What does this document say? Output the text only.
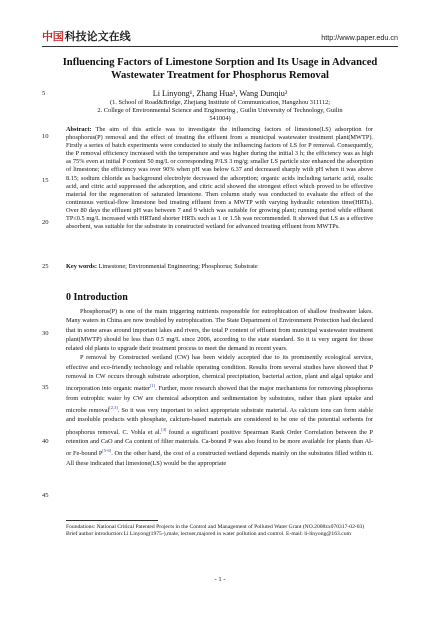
中国 科技论文在线	http://www.paper.edu.cn
Influencing Factors of Limestone Sorption and Its Usage in Advanced Wastewater Treatment for Phosphorus Removal
Li Linyong¹, Zhang Hua², Wang Dunqiu²
(1. School of Road&Bridge, Zhejiang Institute of Communication, Hangzhou 311112;
2. College of Environmental Science and Engineering , Guilin University of Technology, Guilin
541004)
5
10
15
20
25
30
35
40
45
Abstract: The aim of this article was to investigate the influencing factors of limestone(LS) adsorption for phosphorus(P) removal and the effect of treating the effluent from a municipal wastewater treatment plant(MWTP). Firstly a series of batch experiments were conducted to study the influencing factors of LS for P removal. Consequently, the P removal efficiency increased with the temperature and was higher during the initial 3 h; the efficiency was as high as 75% even at initial P content 50 mg/L or corresponding P/LS 3 mg/g; smaller LS particle size enhanced the adsorption of limestone; the efficiency was over 90% when pH was below 6.37 and decreased sharply with pH when it was above 8.15; sodium chloride as background electrolyte decreased the adsorption; organic acids including tartaric acid, oxalic acid, and citric acid suppressed the adsorption, and citric acid showed the strongest effect which proved to be effective material for the regeneration of saturated limestone. Then column study was conducted to evaluate the effect of the continuous vertical-flow limestone bed treating effluent from a MWTP with varying hydraulic retention time(HRTs). Over 80 days the effluent pH was between 7 and 9 which was suitable for growing plant; running period while effluent TP≤0.5 mg/L increased with HRTand shorter HRTs such as 1 or 1.5h was recommended. It showed that LS as a effective absorbent, was suitable for the substrate in constructed wetland for advanced treating effluent from MWTPs.
Key words: Limestone; Environmental Engineering; Phosphorus; Substrate
0 Introduction

Phosphorus(P) is one of the main triggering nutrients responsible for eutrophication of shallow freshwater lakes. Many waters in China are now troubled by eutrophication. The State Department of Environment Protection had declared that in some areas around important lakes and rivers, the total P content of effluent from municipal wastewater treatment plant(MWTP) should be less than 0.5 mg/L since 2006, according to the state standard. So it is very urgent for those related old plants to upgrade their treatment process to meet the demand in recent years.

P removal by Constructed wetland (CW) has been widely accepted due to its prominently ecological service, effective and eco-friendly technology and reliable operating condition. Results from several studies have showed that P removal in CW occurs through substrate adsorption, chemical precipitation, bacterial action, plant and algal uptake and incorporation into organic matter[1]. Further, more research showed that the major mechanisms for removing phosphorus from eutrophic water by CW are chemical adsorption and sedimentation by substrates, rather than plant uptake and microbe removal[2,3]. So it was very important to select appropriate substrate material. As calcium ions can form stable and insoluble products with phosphate, calcium-based materials are considered to be one of the potential sorbents for phosphorus removal. C. Vohla et al.[4] found a significant positive Spearman Rank Order Correlation between the P retention and CaO and Ca content of filter materials. Ca-bound P was also found to be more available for plants than Al- or Fe-bound P[5-6]. On the other hand, the cost of a constructed wetland depends mainly on the substrates filled within it. All these indicated that limestone(LS) would be the appropriate

Foundations: National Critical Patented Projects in the Control and Management of Polluted Water Grant (NO.2008zx070317-02-03)
Brief author introduction:Li Linyong(1975-),male, lectuer,majored in water pollution and control. E-mail: li-linyong@163.com
- 1 -
